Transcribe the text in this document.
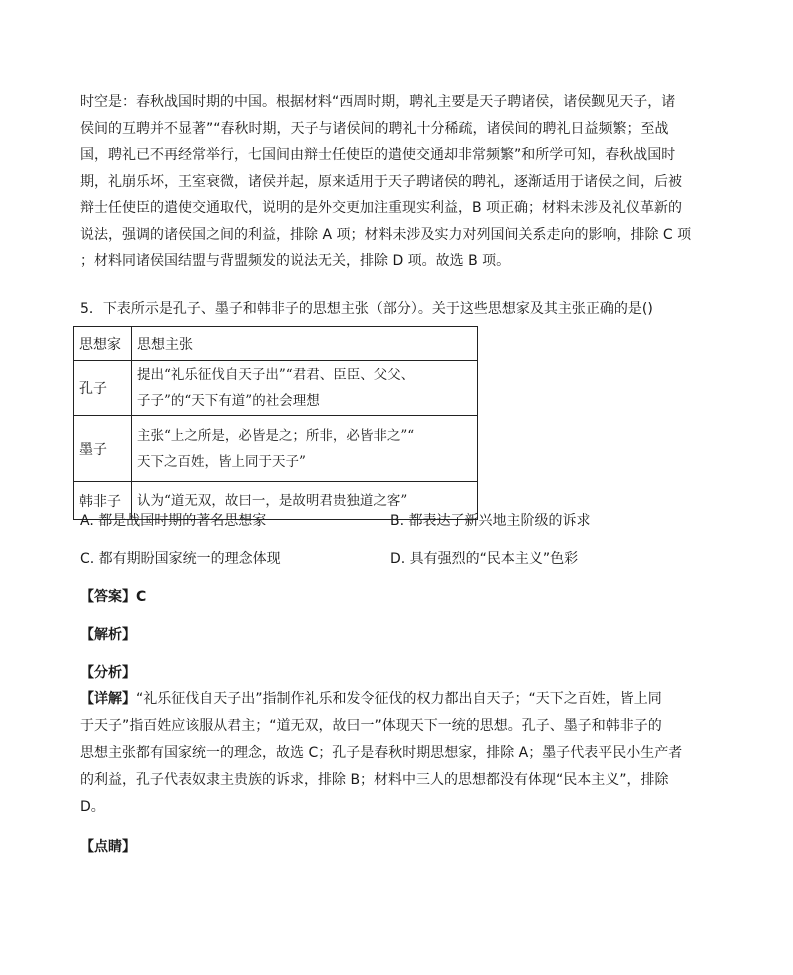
时空是：春秋战国时期的中国。根据材料“西周时期，聘礼主要是天子聘诸侯，诸侯觐见天子，诸
侯间的互聘并不显著”“春秋时期，天子与诸侯间的聘礼十分稀疏，诸侯间的聘礼日益频繁；至战
国，聘礼已不再经常举行，七国间由辩士任使臣的遣使交通却非常频繁”和所学可知，春秋战国时
期，礼崩乐坏，王室衰微，诸侯并起，原来适用于天子聘诸侯的聘礼，逐渐适用于诸侯之间，后被
辩士任使臣的遣使交通取代，说明的是外交更加注重现实利益，B 项正确；材料未涉及礼仪革新的
说法，强调的诸侯国之间的利益，排除 A 项；材料未涉及实力对列国间关系走向的影响，排除 C 项
；材料同诸侯国结盟与背盟频发的说法无关，排除 D 项。故选 B 项。

5．下表所示是孔子、墨子和韩非子的思想主张（部分）。关于这些思想家及其主张正确的是()
思想家	思想主张
孔子	提出“礼乐征伐自天子出”“君君、臣臣、父父、
子子”的“天下有道”的社会理想

墨子	主张“上之所是，必皆是之；所非，必皆非之”“
天下之百姓，皆上同于天子”

韩非子	认为“道无双，故曰一，是故明君贵独道之客”
A. 都是战国时期的著名思想家	B. 都表达了新兴地主阶级的诉求
C. 都有期盼国家统一的理念体现	D. 具有强烈的“民本主义”色彩
【答案】C
【解析】
【分析】

【详解】“礼乐征伐自天子出”指制作礼乐和发令征伐的权力都出自天子；“天下之百姓，皆上同
于天子”指百姓应该服从君主；“道无双，故曰一”体现天下一统的思想。孔子、墨子和韩非子的
思想主张都有国家统一的理念，故选 C；孔子是春秋时期思想家，排除 A；墨子代表平民小生产者
的利益，孔子代表奴隶主贵族的诉求，排除 B；材料中三人的思想都没有体现“民本主义”，排除
D。

【点睛】
